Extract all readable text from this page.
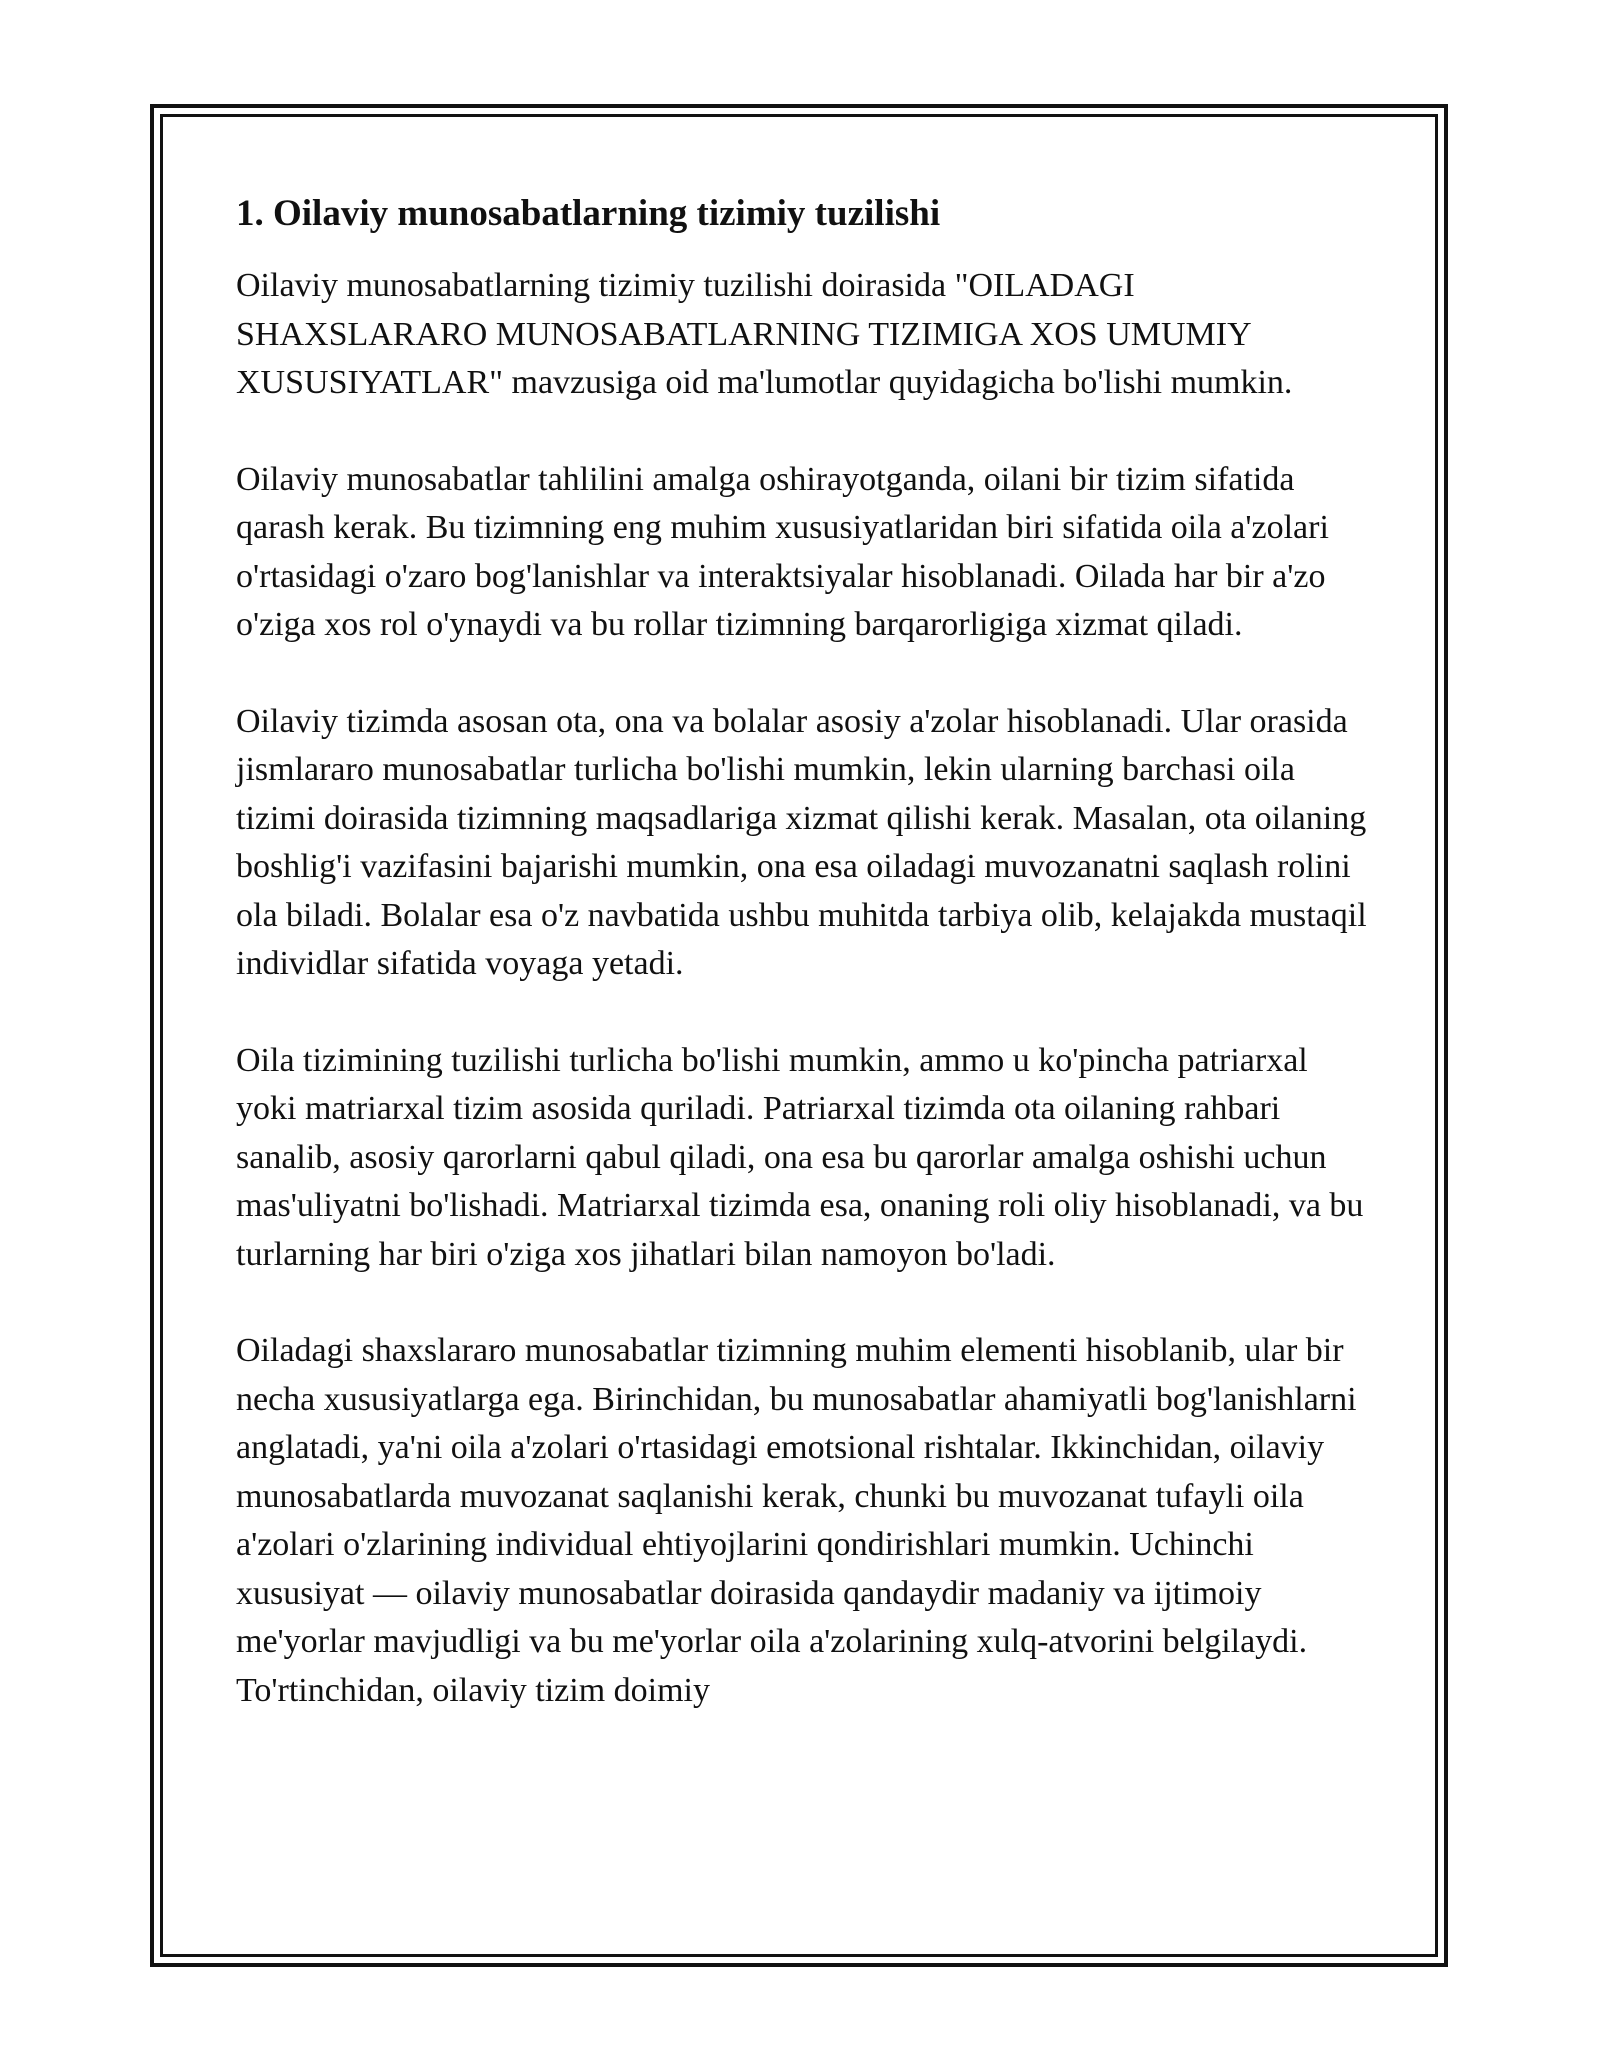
1. Oilaviy munosabatlarning tizimiy tuzilishi

Oilaviy munosabatlarning tizimiy tuzilishi doirasida "OILADAGI SHAXSLARARO MUNOSABATLARNING TIZIMIGA XOS UMUMIY XUSUSIYATLAR" mavzusiga oid ma'lumotlar quyidagicha bo'lishi mumkin.

Oilaviy munosabatlar tahlilini amalga oshirayotganda, oilani bir tizim sifatida qarash kerak. Bu tizimning eng muhim xususiyatlaridan biri sifatida oila a'zolari o'rtasidagi o'zaro bog'lanishlar va interaktsiyalar hisoblanadi. Oilada har bir a'zo o'ziga xos rol o'ynaydi va bu rollar tizimning barqarorligiga xizmat qiladi.

Oilaviy tizimda asosan ota, ona va bolalar asosiy a'zolar hisoblanadi. Ular orasida jismlararo munosabatlar turlicha bo'lishi mumkin, lekin ularning barchasi oila tizimi doirasida tizimning maqsadlariga xizmat qilishi kerak. Masalan, ota oilaning boshlig'i vazifasini bajarishi mumkin, ona esa oiladagi muvozanatni saqlash rolini ola biladi. Bolalar esa o'z navbatida ushbu muhitda tarbiya olib, kelajakda mustaqil individlar sifatida voyaga yetadi.

Oila tizimining tuzilishi turlicha bo'lishi mumkin, ammo u ko'pincha patriarxal yoki matriarxal tizim asosida quriladi. Patriarxal tizimda ota oilaning rahbari sanalib, asosiy qarorlarni qabul qiladi, ona esa bu qarorlar amalga oshishi uchun mas'uliyatni bo'lishadi. Matriarxal tizimda esa, onaning roli oliy hisoblanadi, va bu turlarning har biri o'ziga xos jihatlari bilan namoyon bo'ladi.

Oiladagi shaxslararo munosabatlar tizimning muhim elementi hisoblanib, ular bir necha xususiyatlarga ega. Birinchidan, bu munosabatlar ahamiyatli bog'lanishlarni anglatadi, ya'ni oila a'zolari o'rtasidagi emotsional rishtalar. Ikkinchidan, oilaviy munosabatlarda muvozanat saqlanishi kerak, chunki bu muvozanat tufayli oila a'zolari o'zlarining individual ehtiyojlarini qondirishlari mumkin. Uchinchi xususiyat — oilaviy munosabatlar doirasida qandaydir madaniy va ijtimoiy me'yorlar mavjudligi va bu me'yorlar oila a'zolarining xulq-atvorini belgilaydi. To'rtinchidan, oilaviy tizim doimiy
